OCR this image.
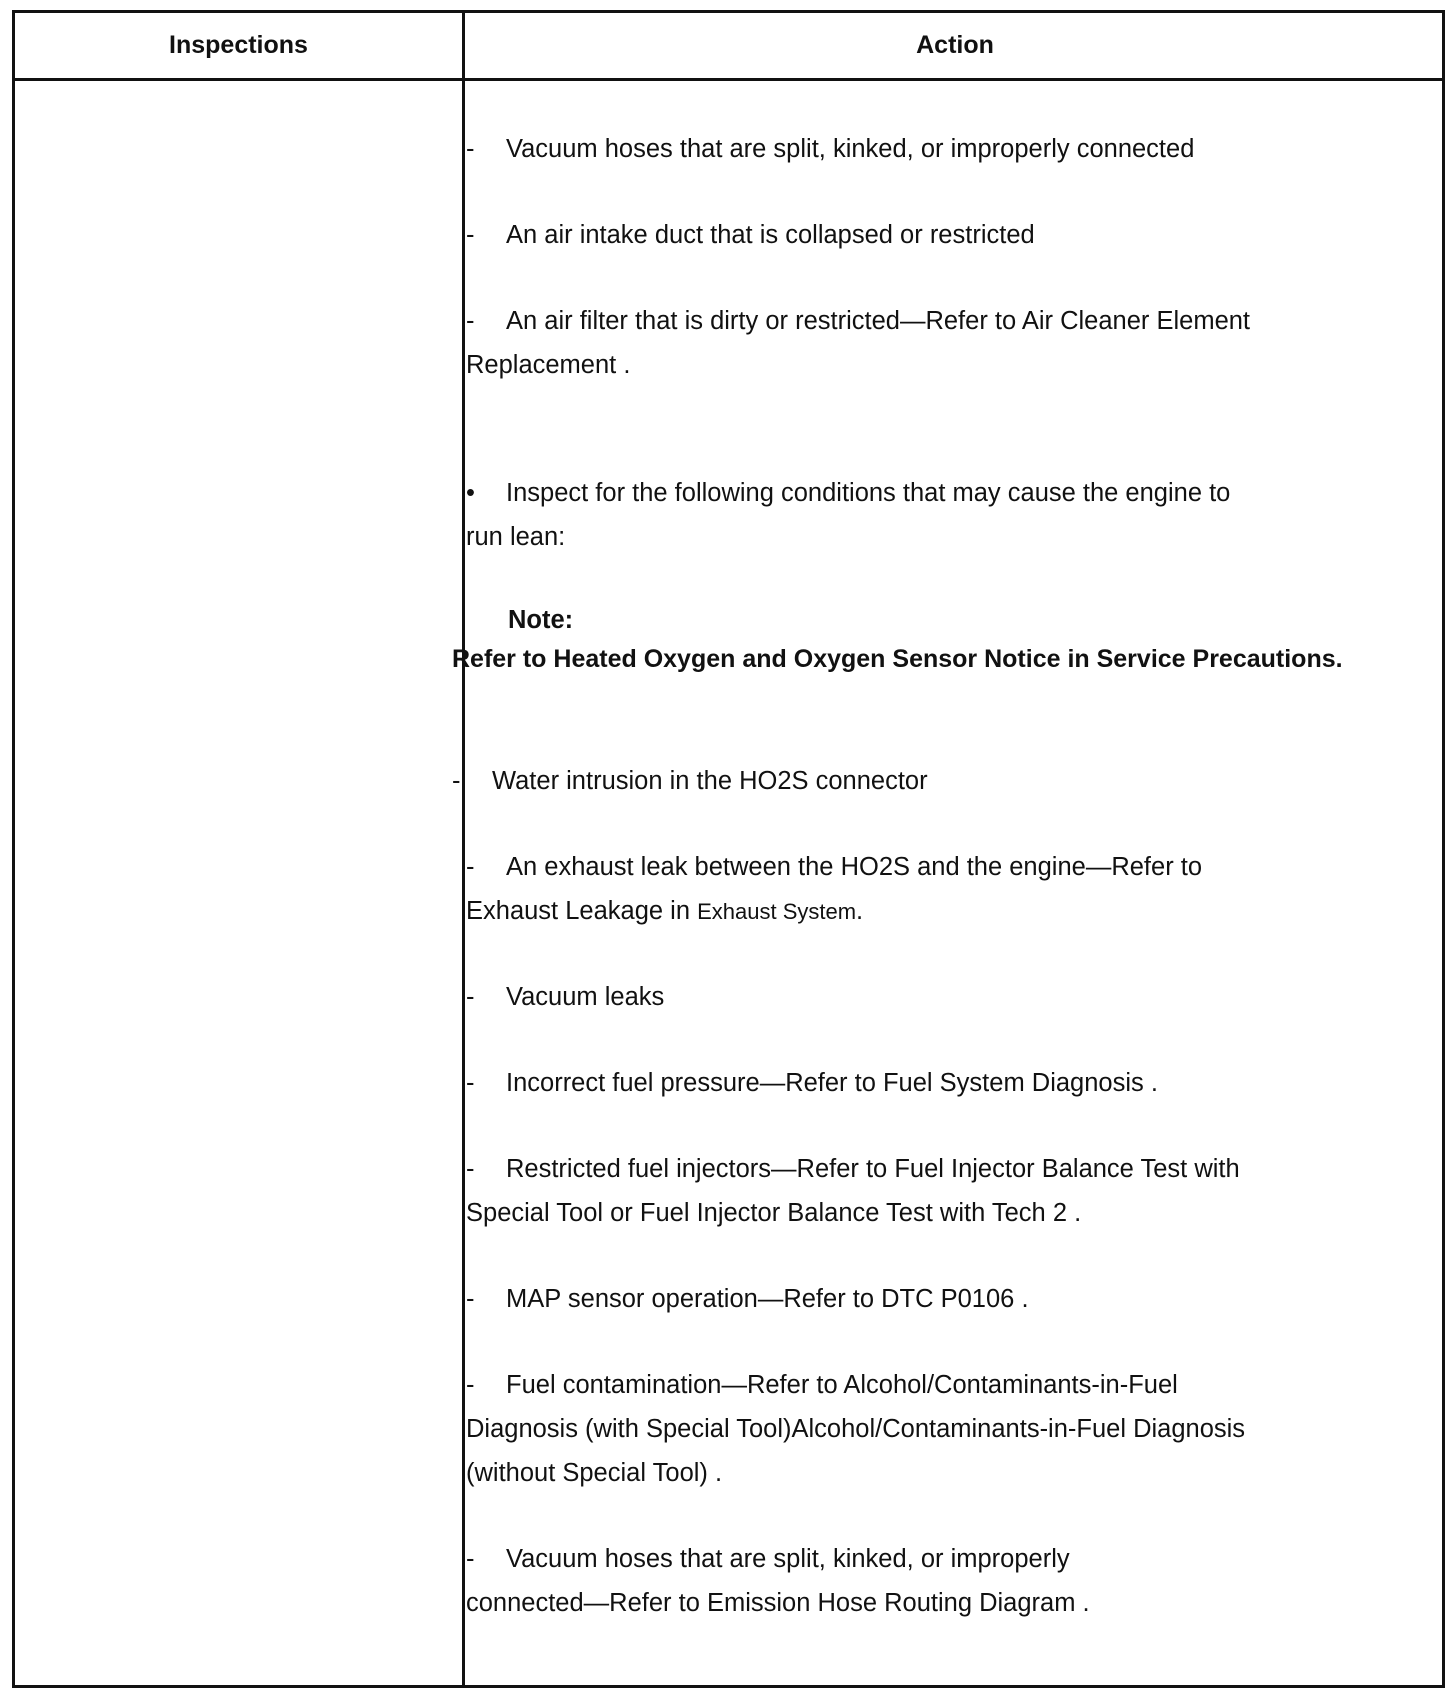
Inspections	Action
- Vacuum hoses that are split, kinked, or improperly connected
- An air intake duct that is collapsed or restricted
- An air filter that is dirty or restricted—Refer to Air Cleaner Element
Replacement .
• Inspect for the following conditions that may cause the engine to
run lean:
Note:
Refer to Heated Oxygen and Oxygen Sensor Notice in Service Precautions.
- Water intrusion in the HO2S connector
- An exhaust leak between the HO2S and the engine—Refer to
Exhaust Leakage in Exhaust System.
- Vacuum leaks
- Incorrect fuel pressure—Refer to Fuel System Diagnosis .
- Restricted fuel injectors—Refer to Fuel Injector Balance Test with
Special Tool or Fuel Injector Balance Test with Tech 2 .
- MAP sensor operation—Refer to DTC P0106 .
- Fuel contamination—Refer to Alcohol/Contaminants-in-Fuel
Diagnosis (with Special Tool)Alcohol/Contaminants-in-Fuel Diagnosis
(without Special Tool) .
- Vacuum hoses that are split, kinked, or improperly
connected—Refer to Emission Hose Routing Diagram .
